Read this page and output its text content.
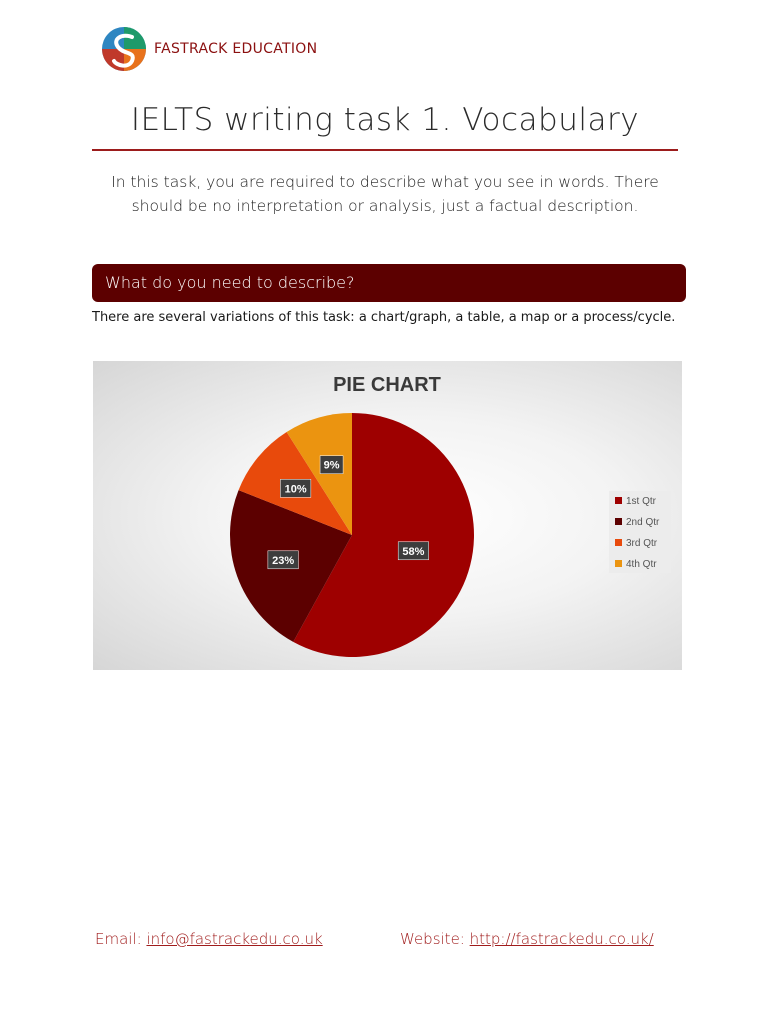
FASTRACK EDUCATION
IELTS writing task 1. Vocabulary
In this task, you are required to describe what you see in words. There should be no interpretation or analysis, just a factual description.
What do you need to describe?
There are several variations of this task: a chart/graph, a table, a map or a process/cycle.
PIE CHART
58%
23%
10%
9%
1st Qtr
2nd Qtr
3rd Qtr
4th Qtr
Email: info@fastrackedu.co.uk	Website: http://fastrackedu.co.uk/
